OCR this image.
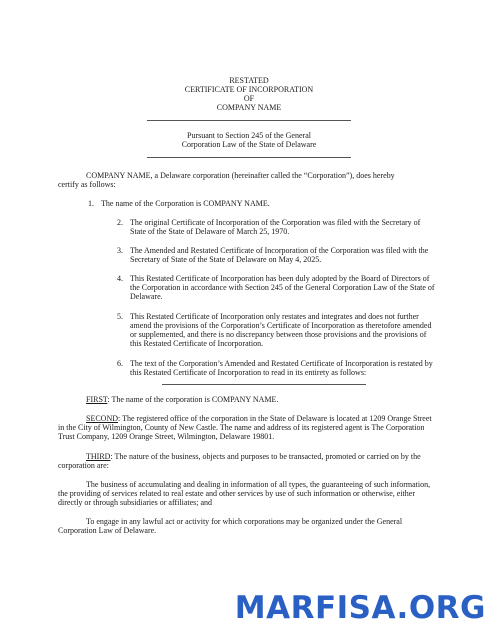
RESTATED
CERTIFICATE OF INCORPORATION
OF
COMPANY NAME
Pursuant to Section 245 of the General
Corporation Law of the State of Delaware
COMPANY NAME, a Delaware corporation (hereinafter called the “Corporation”), does hereby
certify as follows:
1. The name of the Corporation is COMPANY NAME.
2. The original Certificate of Incorporation of the Corporation was filed with the Secretary of
State of the State of Delaware of March 25, 1970.
3. The Amended and Restated Certificate of Incorporation of the Corporation was filed with the
Secretary of State of the State of Delaware on May 4, 2025.
4. This Restated Certificate of Incorporation has been duly adopted by the Board of Directors of
the Corporation in accordance with Section 245 of the General Corporation Law of the State of
Delaware.
5. This Restated Certificate of Incorporation only restates and integrates and does not further
amend the provisions of the Corporation’s Certificate of Incorporation as theretofore amended
or supplemented, and there is no discrepancy between those provisions and the provisions of
this Restated Certificate of Incorporation.
6. The text of the Corporation’s Amended and Restated Certificate of Incorporation is restated by
this Restated Certificate of Incorporation to read in its entirety as follows:
FIRST: The name of the corporation is COMPANY NAME.
SECOND: The registered office of the corporation in the State of Delaware is located at 1209 Orange Street
in the City of Wilmington, County of New Castle. The name and address of its registered agent is The Corporation
Trust Company, 1209 Orange Street, Wilmington, Delaware 19801.
THIRD: The nature of the business, objects and purposes to be transacted, promoted or carried on by the
corporation are:
The business of accumulating and dealing in information of all types, the guaranteeing of such information,
the providing of services related to real estate and other services by use of such information or otherwise, either
directly or through subsidiaries or affiliates; and
To engage in any lawful act or activity for which corporations may be organized under the General
Corporation Law of Delaware.
MARFISA.ORG
